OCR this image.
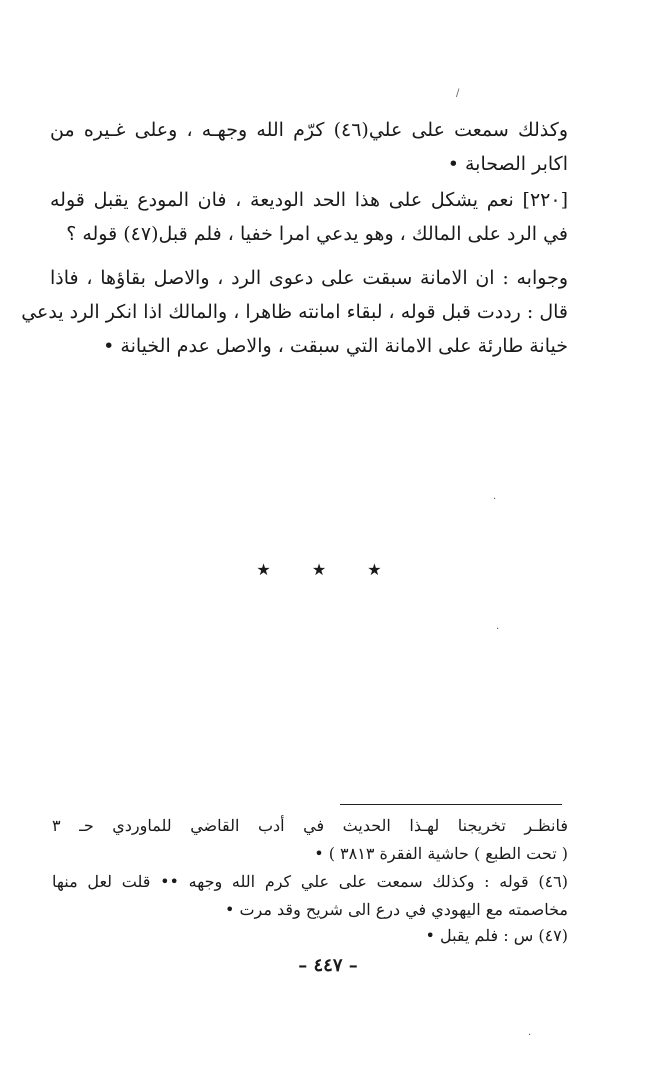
/
وكذلك سمعت على علي(٤٦) كرّم الله وجهـه ، وعلى غـيره من
اكابر الصحابة •
[٢٢٠] نعم يشكل على هذا الحد الوديعة ، فان المودع يقبل قوله
في الرد على المالك ، وهو يدعي امرا خفيا ، فلم قبل(٤٧) قوله ؟
وجوابه : ان الامانة سبقت على دعوى الرد ، والاصل بقاؤها ، فاذا
قال : رددت قبل قوله ، لبقاء امانته ظاهرا ، والمالك اذا انكر الرد يدعي
خيانة طارئة على الامانة التي سبقت ، والاصل عدم الخيانة •
·
★ ★ ★
·
فانظـر تخريجنا لهـذا الحديث في أدب القاضي للماوردي حـ ٣
( تحت الطبع ) حاشية الفقرة ٣٨١٣ ) •
(٤٦) قوله : وكذلك سمعت على علي كرم الله وجهه •• قلت لعل منها
مخاصمته مع اليهودي في درع الى شريح وقد مرت •
(٤٧) س : فلم يقبل •
– ٤٤٧ –
·
